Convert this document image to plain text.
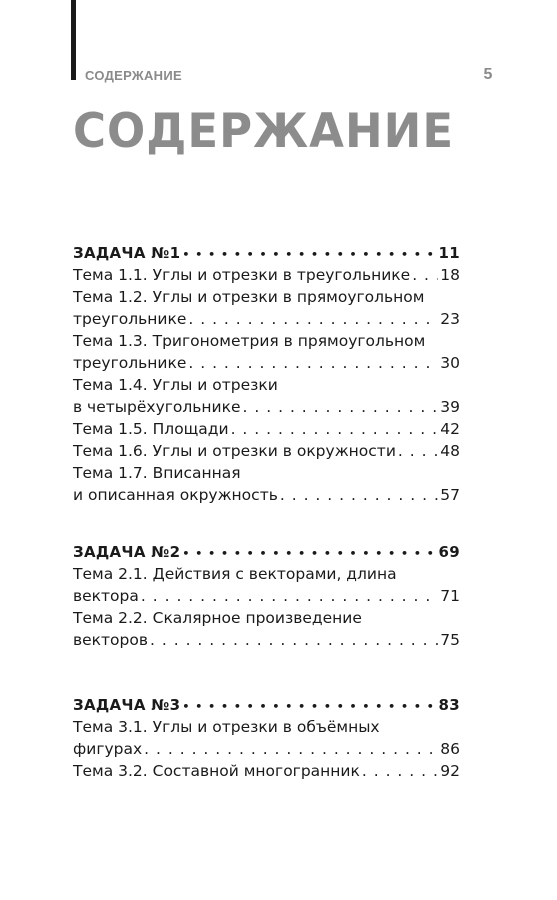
СОДЕРЖАНИЕ	5
СОДЕРЖАНИЕ
ЗАДАЧА №1 • • •	11
Тема 1.1. Углы и отрезки в треугольнике . . . 18
Тема 1.2. Углы и отрезки в прямоугольном
треугольнике . . .	23
Тема 1.3. Тригонометрия в прямоугольном
треугольнике . . .	30
Тема 1.4. Углы и отрезки
в четырёхугольнике . . .	39
Тема 1.5. Площади . . .	42
Тема 1.6. Углы и отрезки в окружности . . .	48
Тема 1.7. Вписанная
и описанная окружность . . .	57
ЗАДАЧА №2 • • •	69
Тема 2.1. Действия с векторами, длина
вектора . . .	71
Тема 2.2. Скалярное произведение
векторов . . .	75
ЗАДАЧА №3 • • •	83
Тема 3.1. Углы и отрезки в объёмных
фигурах . . .	86
Тема 3.2. Составной многогранник . . .	92
